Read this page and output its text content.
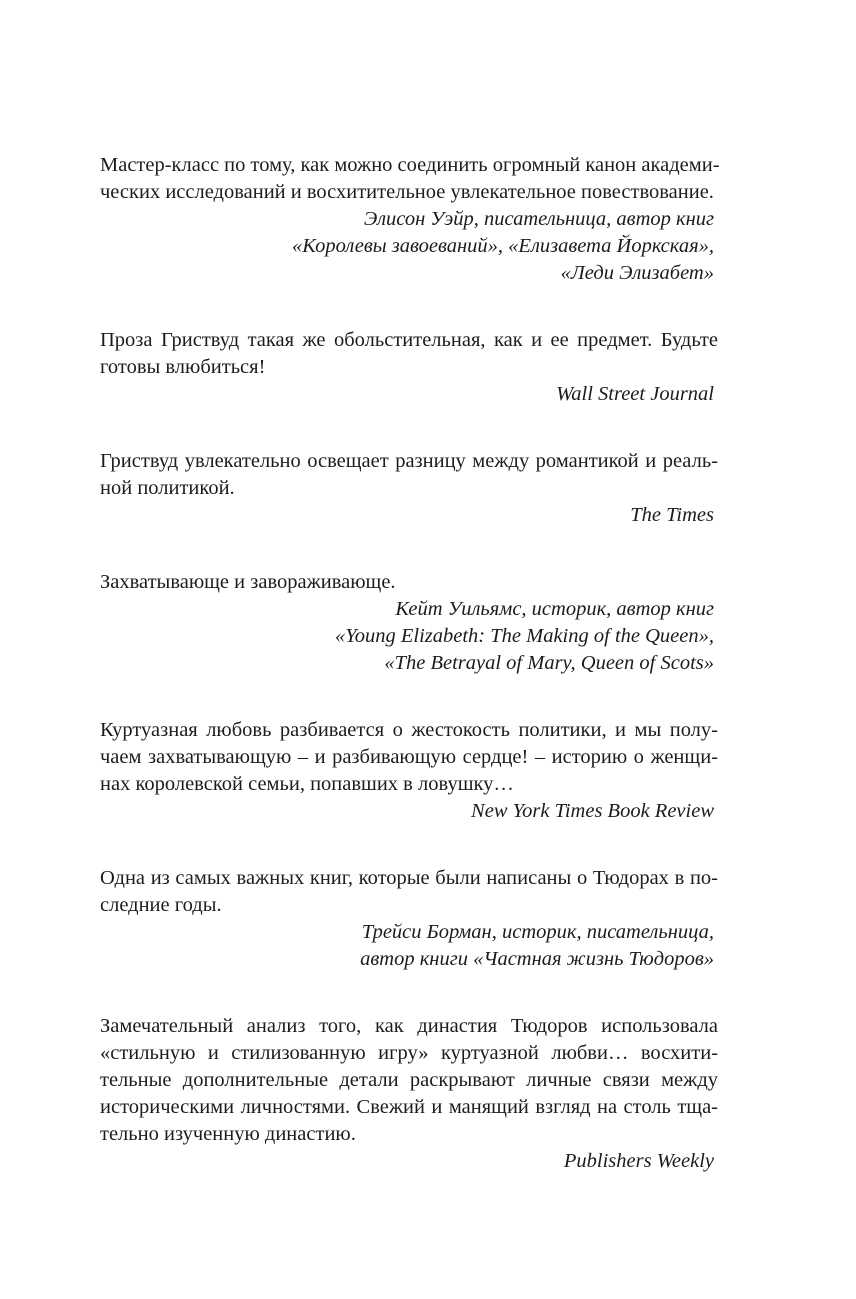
Мастер-класс по тому, как можно соединить огромный канон академи-
ческих исследований и восхитительное увлекательное повествование.
Элисон Уэйр, писательница, автор книг
«Королевы завоеваний», «Елизавета Йоркская»,
«Леди Элизабет»
Проза Гриствуд такая же обольстительная, как и ее предмет. Будьте
готовы влюбиться!
Wall Street Journal
Гриствуд увлекательно освещает разницу между романтикой и реаль-
ной политикой.
The Times
Захватывающе и завораживающе.
Кейт Уильямс, историк, автор книг
«Young Elizabeth: The Making of the Queen»,
«The Betrayal of Mary, Queen of Scots»
Куртуазная любовь разбивается о жестокость политики, и мы полу-
чаем захватывающую – и разбивающую сердце! – историю о женщи-
нах королевской семьи, попавших в ловушку…
New York Times Book Review
Одна из самых важных книг, которые были написаны о Тюдорах в по-
следние годы.
Трейси Борман, историк, писательница,
автор книги «Частная жизнь Тюдоров»
Замечательный анализ того, как династия Тюдоров использовала
«стильную и стилизованную игру» куртуазной любви… восхити-
тельные дополнительные детали раскрывают личные связи между
историческими личностями. Свежий и манящий взгляд на столь тща-
тельно изученную династию.
Publishers Weekly
